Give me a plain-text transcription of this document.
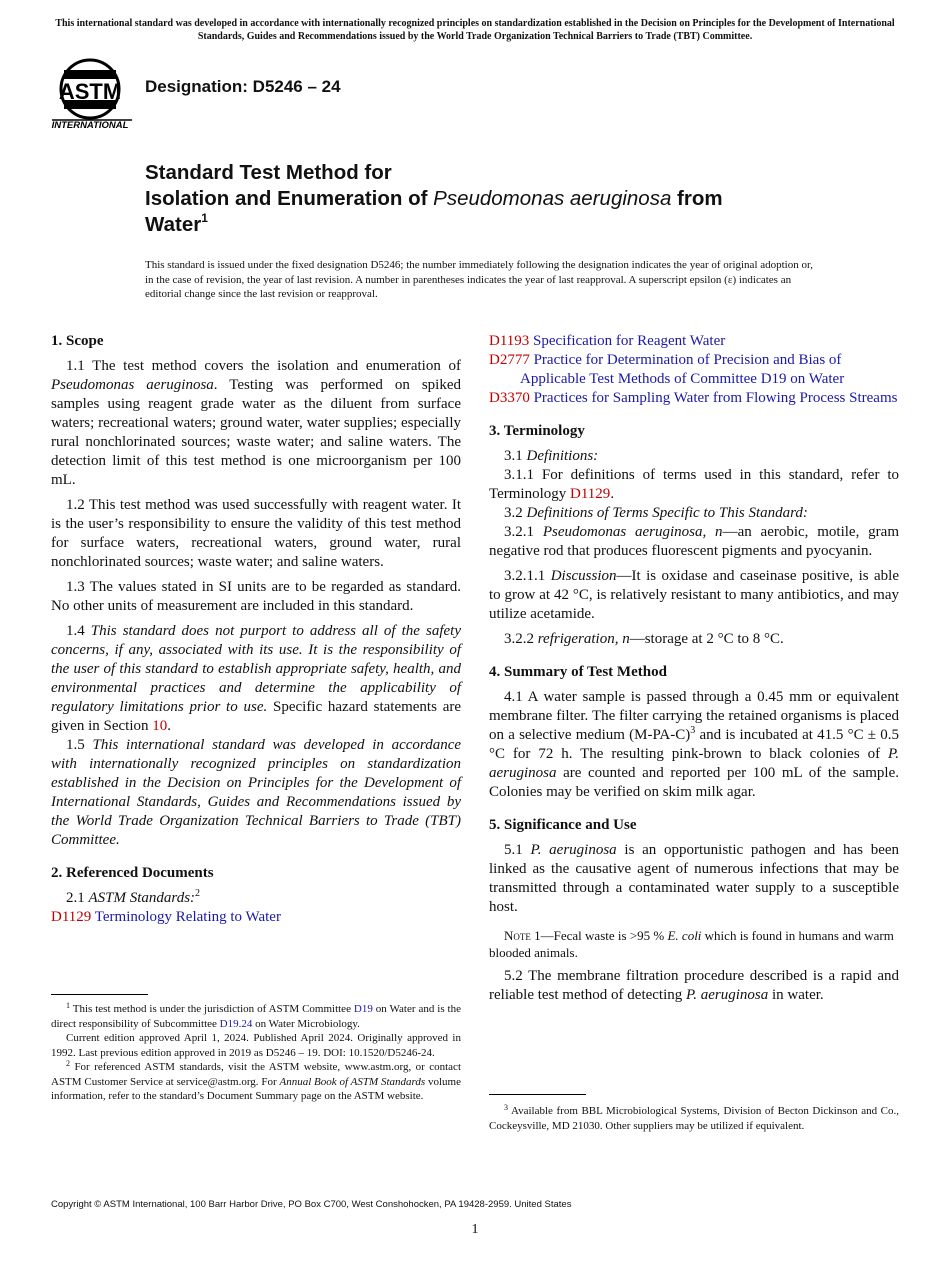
This international standard was developed in accordance with internationally recognized principles on standardization established in the Decision on Principles for the Development of International Standards, Guides and Recommendations issued by the World Trade Organization Technical Barriers to Trade (TBT) Committee.
ASTM
INTERNATIONAL
Designation: D5246 – 24
Standard Test Method for
Isolation and Enumeration of Pseudomonas aeruginosa from
Water$^1$
This standard is issued under the fixed designation D5246; the number immediately following the designation indicates the year of original adoption or, in the case of revision, the year of last revision. A number in parentheses indicates the year of last reapproval. A superscript epsilon (ε) indicates an editorial change since the last revision or reapproval.
1. Scope

1.1 The test method covers the isolation and enumeration of Pseudomonas aeruginosa. Testing was performed on spiked samples using reagent grade water as the diluent from surface waters; recreational waters; ground water, water supplies; especially rural nonchlorinated sources; waste water; and saline waters. The detection limit of this test method is one microorganism per 100 mL.

1.2 This test method was used successfully with reagent water. It is the user’s responsibility to ensure the validity of this test method for surface waters, recreational waters, ground water, rural nonchlorinated sources; waste water; and saline waters.

1.3 The values stated in SI units are to be regarded as standard. No other units of measurement are included in this standard.

1.4 This standard does not purport to address all of the safety concerns, if any, associated with its use. It is the responsibility of the user of this standard to establish appropriate safety, health, and environmental practices and determine the applicability of regulatory limitations prior to use. Specific hazard statements are given in Section 10.

1.5 This international standard was developed in accordance with internationally recognized principles on standardization established in the Decision on Principles for the Development of International Standards, Guides and Recommendations issued by the World Trade Organization Technical Barriers to Trade (TBT) Committee.

2. Referenced Documents

2.1 ASTM Standards:$^2$

D1129 Terminology Relating to Water

$^1$ This test method is under the jurisdiction of ASTM Committee D19 on Water and is the direct responsibility of Subcommittee D19.24 on Water Microbiology.

Current edition approved April 1, 2024. Published April 2024. Originally approved in 1992. Last previous edition approved in 2019 as D5246 – 19. DOI: 10.1520/D5246-24.

$^2$ For referenced ASTM standards, visit the ASTM website, www.astm.org, or contact ASTM Customer Service at service@astm.org. For Annual Book of ASTM Standards volume information, refer to the standard’s Document Summary page on the ASTM website.

D1193 Specification for Reagent Water
D2777 Practice for Determination of Precision and Bias of Applicable Test Methods of Committee D19 on Water
D3370 Practices for Sampling Water from Flowing Process Streams
3. Terminology

3.1 Definitions:

3.1.1 For definitions of terms used in this standard, refer to Terminology D1129.

3.2 Definitions of Terms Specific to This Standard:

3.2.1 Pseudomonas aeruginosa, n—an aerobic, motile, gram negative rod that produces fluorescent pigments and pyocyanin.

3.2.1.1 Discussion—It is oxidase and caseinase positive, is able to grow at 42 °C, is relatively resistant to many antibiotics, and may utilize acetamide.

3.2.2 refrigeration, n—storage at 2 °C to 8 °C.

4. Summary of Test Method

4.1 A water sample is passed through a 0.45 mm or equivalent membrane filter. The filter carrying the retained organisms is placed on a selective medium $(M-PA-C)^3$ and is incubated at 41.5 °C ± 0.5 °C for 72 h. The resulting pink-brown to black colonies of P. aeruginosa are counted and reported per 100 mL of the sample. Colonies may be verified on skim milk agar.

5. Significance and Use

5.1 P. aeruginosa is an opportunistic pathogen and has been linked as the causative agent of numerous infections that may be transmitted through a contaminated water supply to a susceptible host.

Note 1—Fecal waste is >95 % E. coli which is found in humans and warm blooded animals.

5.2 The membrane filtration procedure described is a rapid and reliable test method of detecting P. aeruginosa in water.

$^3$ Available from BBL Microbiological Systems, Division of Becton Dickinson and Co., Cockeysville, MD 21030. Other suppliers may be utilized if equivalent.

Copyright © ASTM International, 100 Barr Harbor Drive, PO Box C700, West Conshohocken, PA 19428-2959. United States
1
